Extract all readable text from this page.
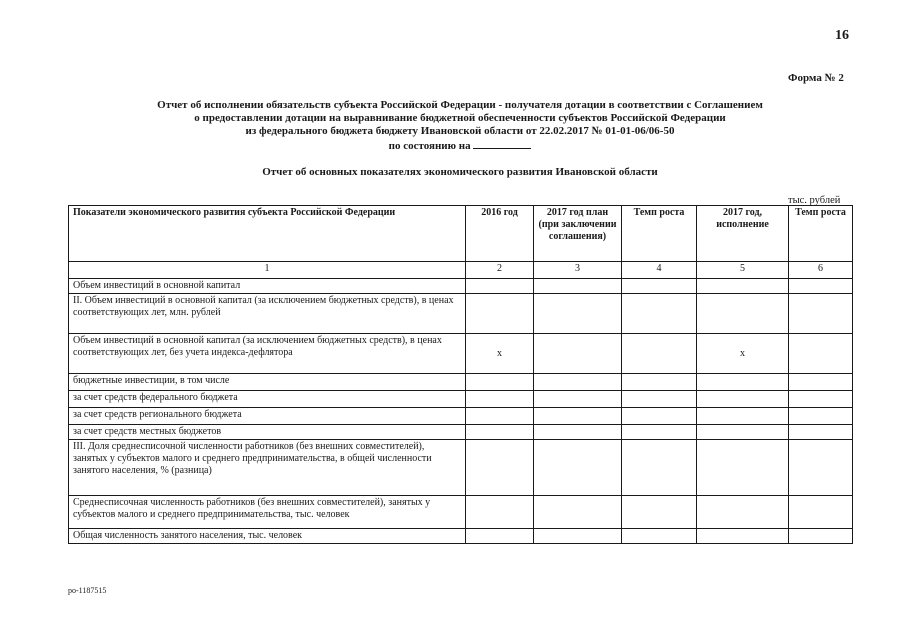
16
Форма № 2
Отчет об исполнении обязательств субъекта Российской Федерации - получателя дотации в соответствии с Соглашением
о предоставлении дотации на выравнивание бюджетной обеспеченности субъектов Российской Федерации
из федерального бюджета бюджету Ивановской области от 22.02.2017 № 01-01-06/06-50
по состоянию на
Отчет об основных показателях экономического развития Ивановской области
тыс. рублей
Показатели экономического развития субъекта Российской Федерации	2016 год	2017 год план (при заключении соглашения)	Темп роста	2017 год, исполнение	Темп роста
1	2	3	4	5	6
Объем инвестиций в основной капитал					
II. Объем инвестиций в основной капитал (за исключением бюджетных средств), в ценах соответствующих лет, млн. рублей					
Объем инвестиций в основной капитал (за исключением бюджетных средств), в ценах соответствующих лет, без учета индекса-дефлятора	x			x	
бюджетные инвестиции, в том числе					
за счет средств федерального бюджета					
за счет средств регионального бюджета					
за счет средств местных бюджетов					
III. Доля среднесписочной численности работников (без внешних совместителей), занятых у субъектов малого и среднего предпринимательства, в общей численности занятого населения, % (разница)					
Среднесписочная численность работников (без внешних совместителей), занятых у субъектов малого и среднего предпринимательства, тыс. человек					
Общая численность занятого населения, тыс. человек					
ро-1187515
